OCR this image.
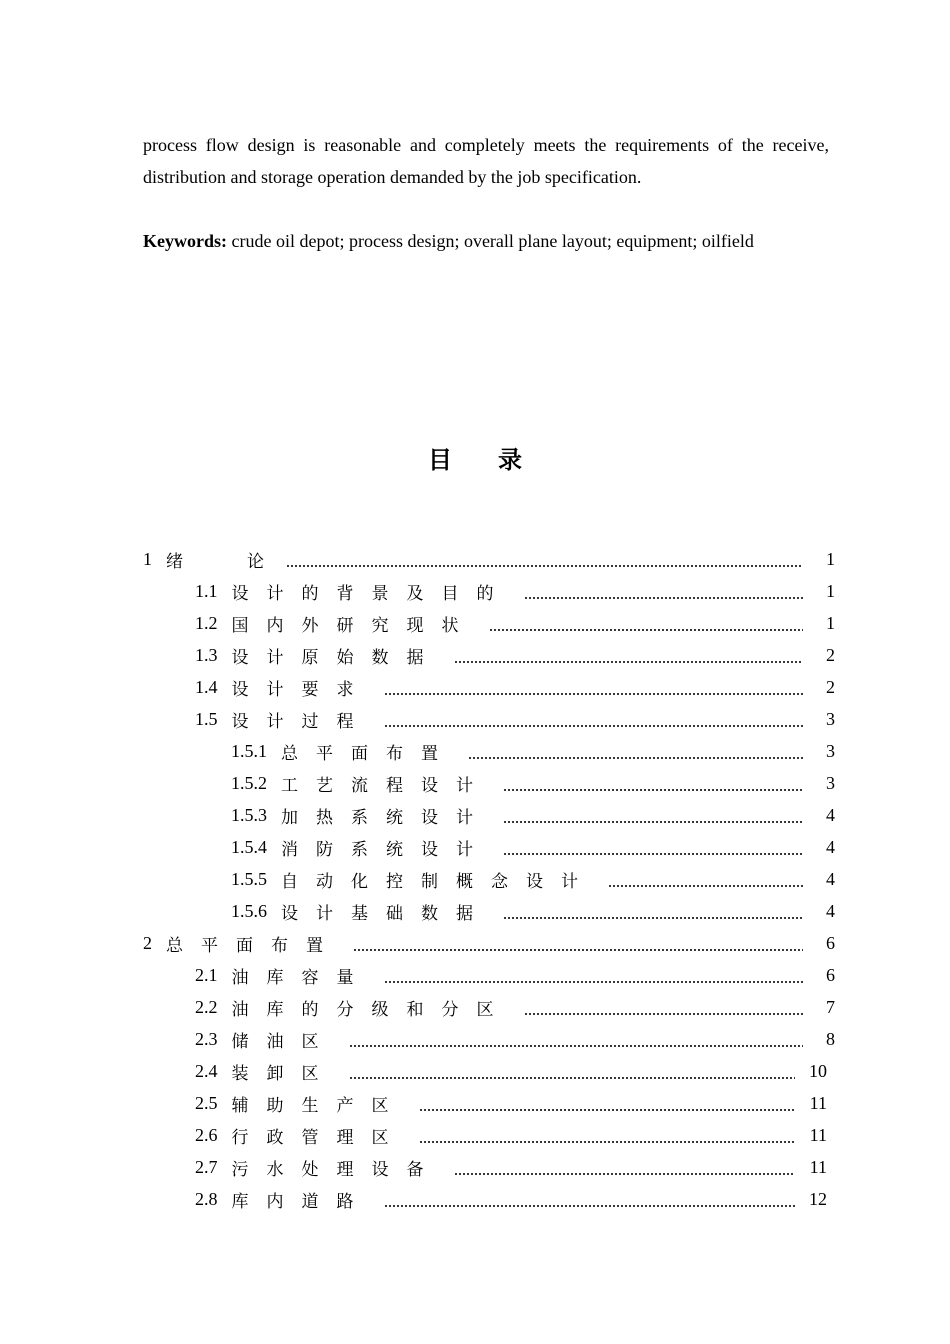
process flow design is reasonable and completely meets the requirements of the receive, distribution and storage operation demanded by the job specification.
Keywords: crude oil depot; process design; overall plane layout; equipment; oilfield
目录
1 绪　　论	1
1.1 设计的背景及目的	1
1.2 国内外研究现状	1
1.3 设计原始数据	2
1.4 设计要求	2
1.5 设计过程	3
1.5.1 总平面布置	3
1.5.2 工艺流程设计	3
1.5.3 加热系统设计	4
1.5.4 消防系统设计	4
1.5.5 自动化控制概念设计	4
1.5.6 设计基础数据	4
2 总平面布置	6
2.1 油库容量	6
2.2 油库的分级和分区	7
2.3 储油区	8
2.4 装卸区	10
2.5 辅助生产区	11
2.6 行政管理区	11
2.7 污水处理设备	11
2.8 库内道路	12
